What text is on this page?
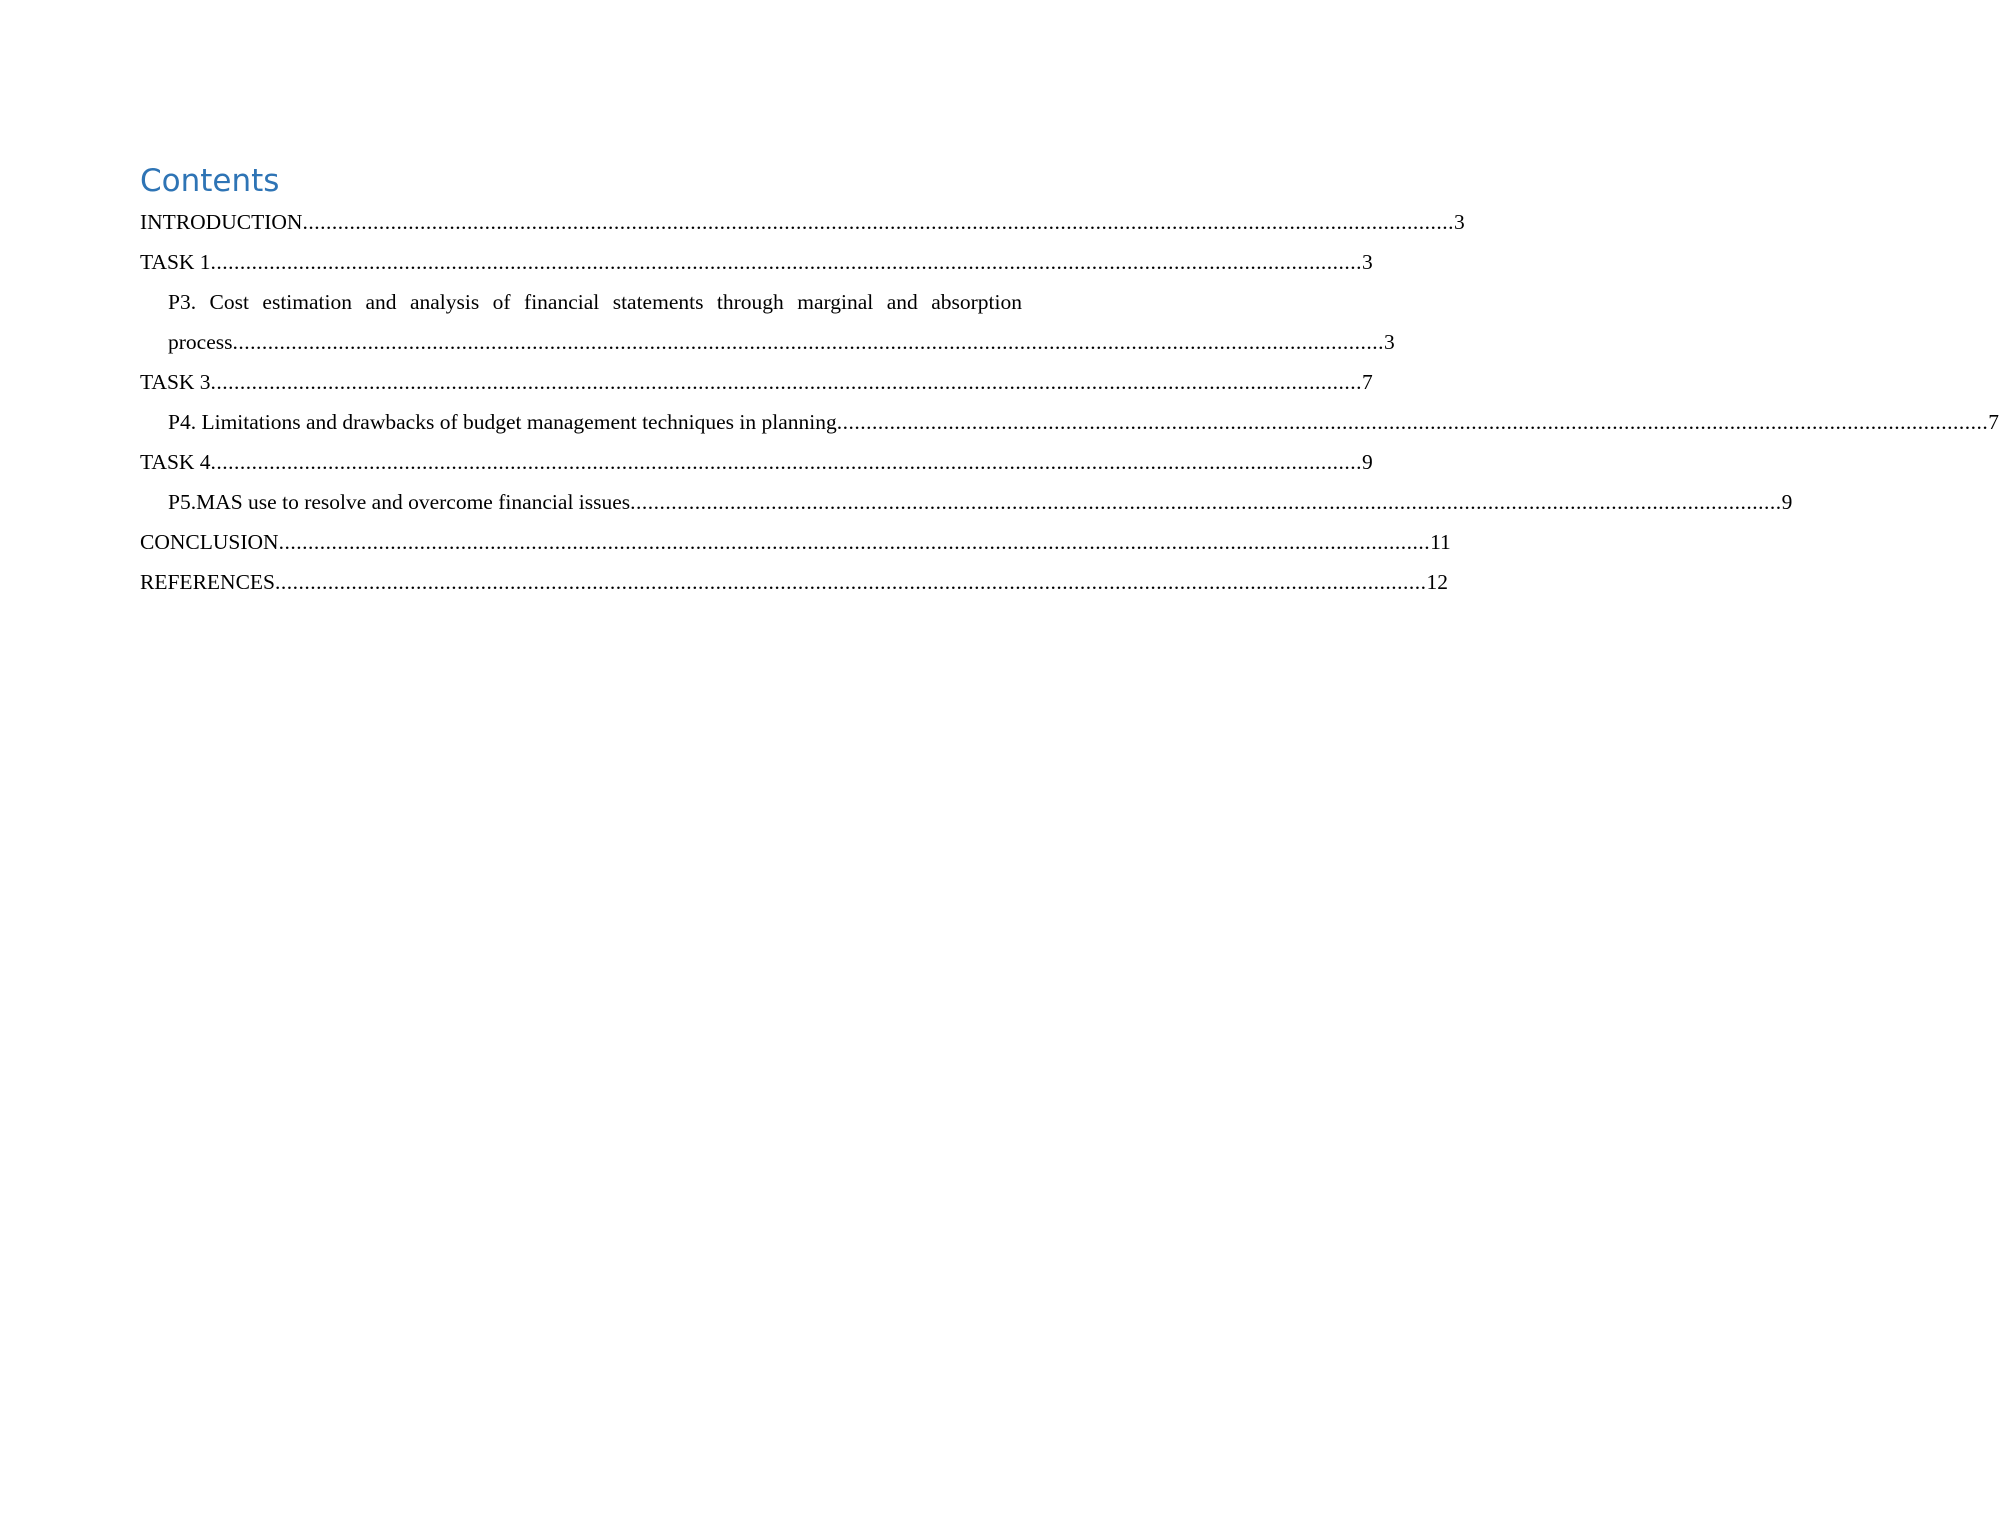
Contents
INTRODUCTION .................................................................................................................................................................................................... 3
TASK 1 .................................................................................................................................................................................................... 3
P3. Cost estimation and analysis of financial statements through marginal and absorption
process .................................................................................................................................................................................................... 3
TASK 3 .................................................................................................................................................................................................... 7
P4. Limitations and drawbacks of budget management techniques in planning .................................................................................................................................................................................................... 7
TASK 4 .................................................................................................................................................................................................... 9
P5.MAS use to resolve and overcome financial issues .................................................................................................................................................................................................... 9
CONCLUSION .................................................................................................................................................................................................... 11
REFERENCES .................................................................................................................................................................................................... 12
